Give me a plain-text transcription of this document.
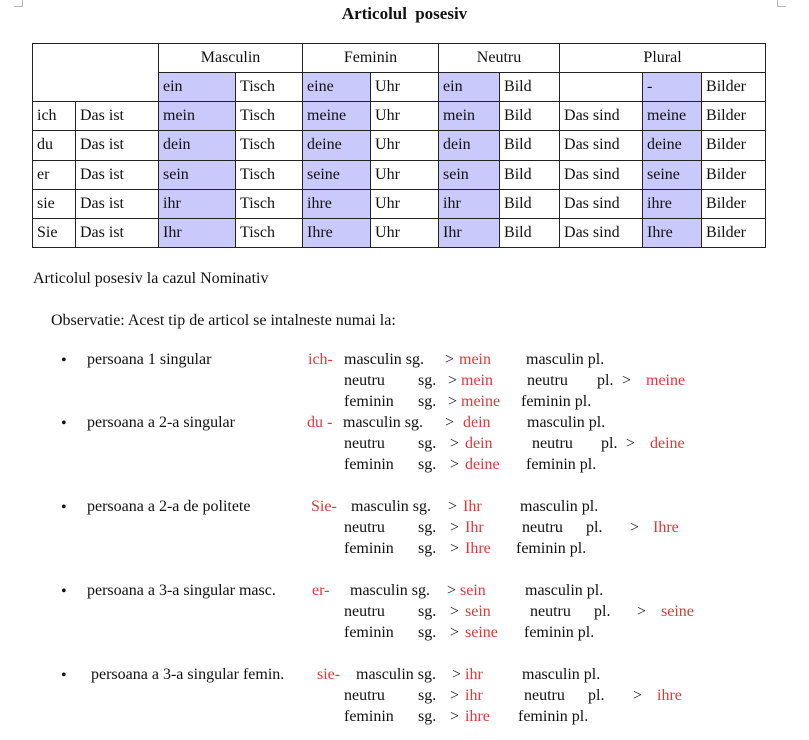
Articolul posesiv
		Masculin		Feminin		Neutru		Plural		
		ein	Tisch	eine	Uhr	ein	Bild		-	Bilder
ich	Das ist	mein	Tisch	meine	Uhr	mein	Bild	Das sind	meine	Bilder
du	Das ist	dein	Tisch	deine	Uhr	dein	Bild	Das sind	deine	Bilder
er	Das ist	sein	Tisch	seine	Uhr	sein	Bild	Das sind	seine	Bilder
sie	Das ist	ihr	Tisch	ihre	Uhr	ihr	Bild	Das sind	ihre	Bilder
Sie	Das ist	Ihr	Tisch	Ihre	Uhr	Ihr	Bild	Das sind	Ihre	Bilder
Articolul posesiv la cazul Nominativ
Observatie: Acest tip de articol se intalneste numai la:
• persoana 1 singular	ich- masculin sg. > mein masculin pl.
neutru sg. > mein neutru pl. > meine
feminin sg. > meine feminin pl.
• persoana a 2-a singular	du - masculin sg. > dein masculin pl.
neutru sg. > dein neutru pl. > deine
feminin sg. > deine feminin pl.
• persoana a 2-a de politete	Sie- masculin sg. > Ihr masculin pl.
neutru sg. > Ihr neutru pl. > Ihre
feminin sg. > Ihre feminin pl.
• persoana a 3-a singular masc. er- masculin sg. > sein masculin pl.
neutru sg. > sein neutru pl. > seine
feminin sg. > seine feminin pl.
• persoana a 3-a singular femin. sie- masculin sg. > ihr masculin pl.
neutru sg. > ihr	neutru pl. > ihre
feminin sg. > ihre feminin pl.
